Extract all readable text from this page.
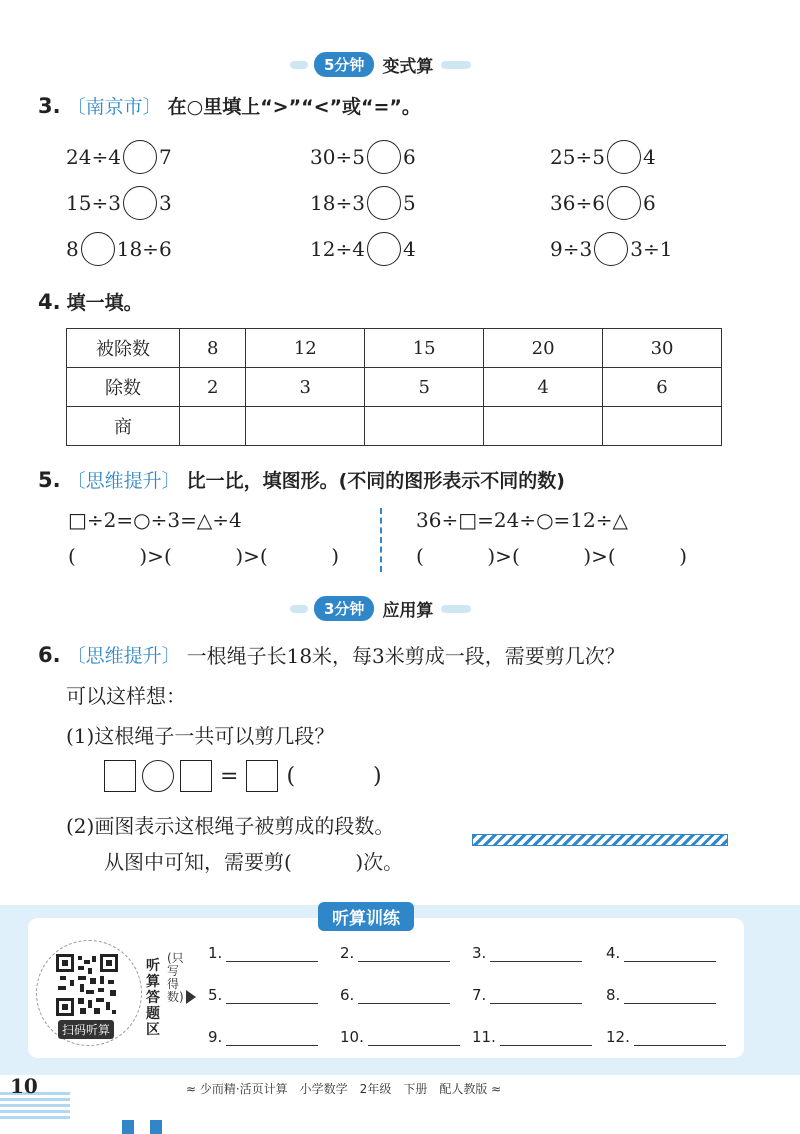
5分钟	变式算
3. 〔南京市〕 在○里填上“>”“<”或“=”。
24÷4 7	30÷5 6	25÷5 4
15÷3 3	18÷3 5	36÷6 6
8 18÷6	12÷4 4	9÷3 3÷1
4. 填一填。
被除数	8	12	15	20	30
除数	2	3	5	4	6
商					
5. 〔思维提升〕 比一比，填图形。(不同的图形表示不同的数)
□÷2=○÷3=△÷4
(          )>(          )>(          )
36÷□=24÷○=12÷△
(          )>(          )>(          )
3分钟	应用算
6. 〔思维提升〕 一根绳子长18米，每3米剪成一段，需要剪几次？
可以这样想：
(1)这根绳子一共可以剪几段？
= (	)
(2)画图表示这根绳子被剪成的段数。
从图中可知，需要剪(          )次。
听算训练
扫码听算
听算答题区
(只写得数)
1.	2.	3.	4.
5.	6.	7.	8.
9.	10.	11.	12.
10	≈ 少而精·活页计算　小学数学　2年级　下册　配人教版 ≈
